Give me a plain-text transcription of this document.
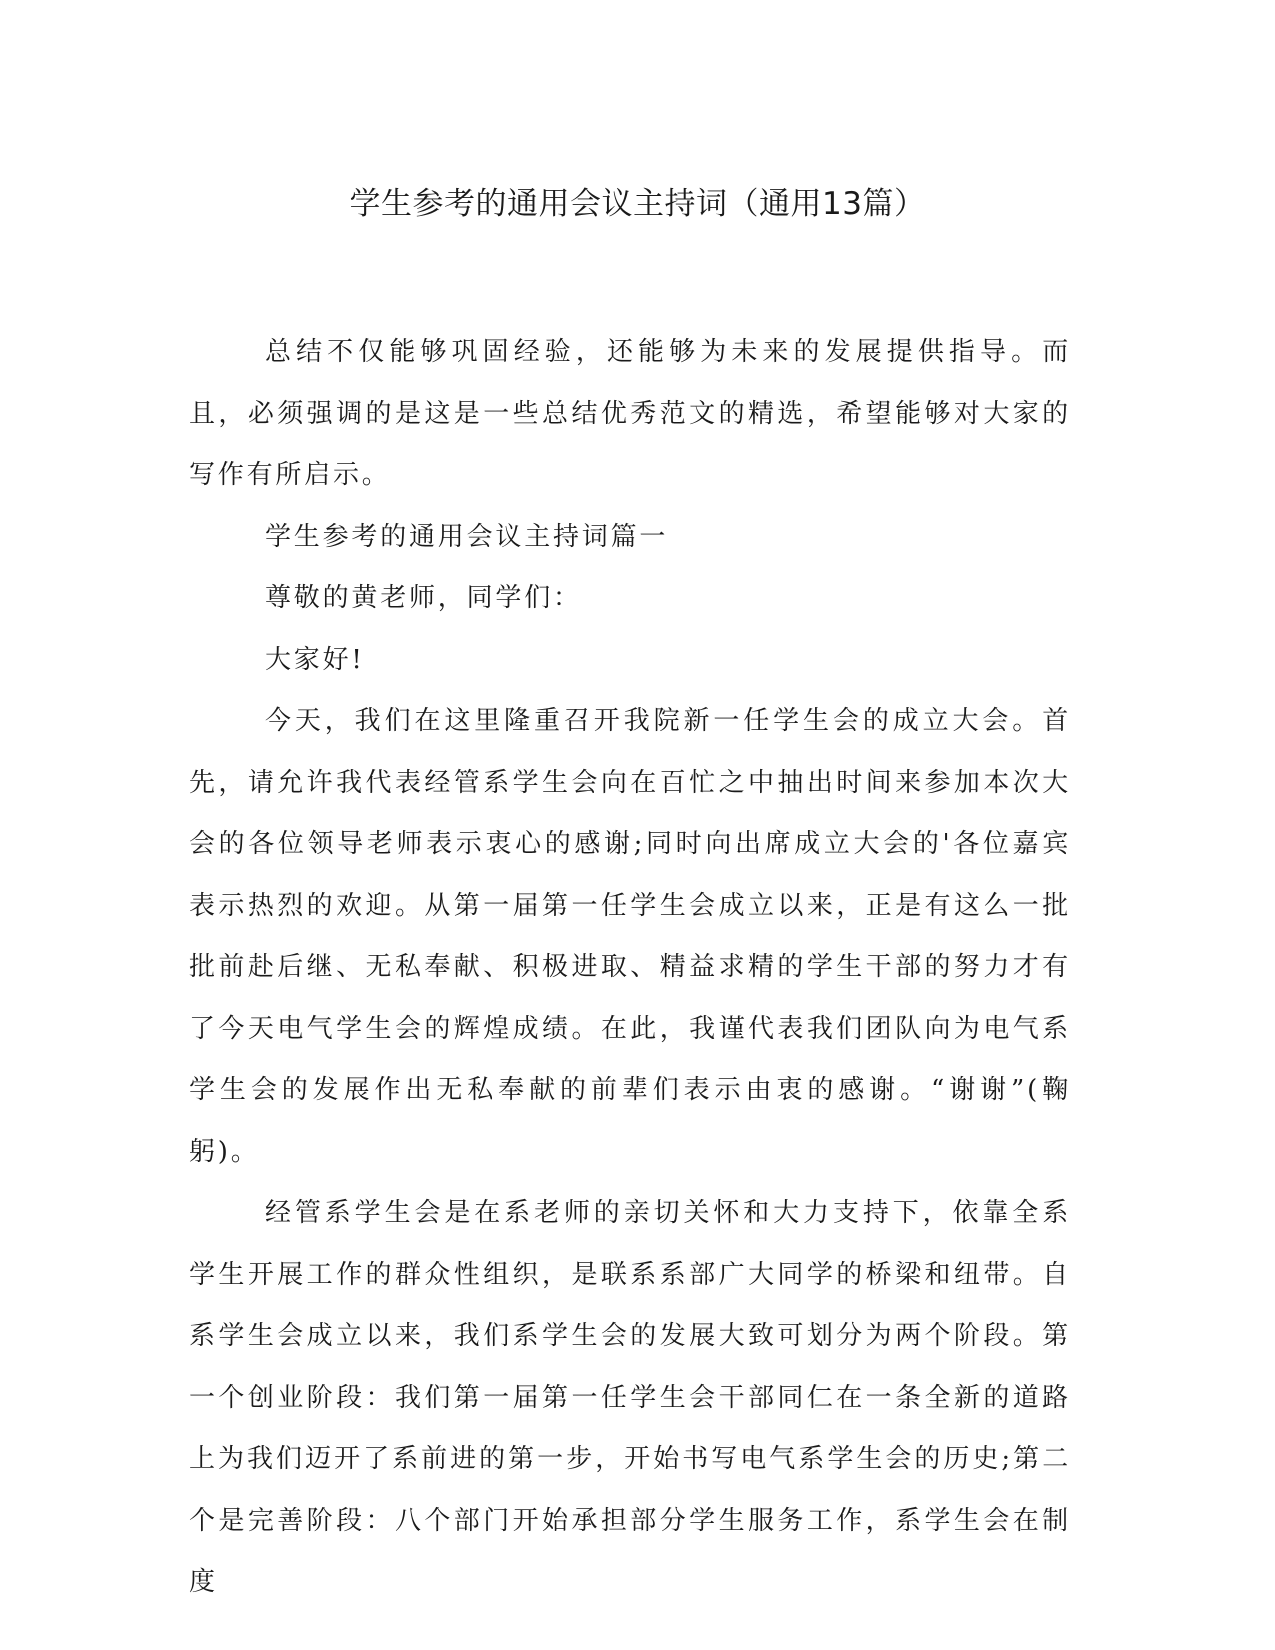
学生参考的通用会议主持词（通用13篇）

总结不仅能够巩固经验，还能够为未来的发展提供指导。而且，必须强调的是这是一些总结优秀范文的精选，希望能够对大家的写作有所启示。

学生参考的通用会议主持词篇一

尊敬的黄老师，同学们：

大家好!

今天，我们在这里隆重召开我院新一任学生会的成立大会。首先，请允许我代表经管系学生会向在百忙之中抽出时间来参加本次大会的各位领导老师表示衷心的感谢;同时向出席成立大会的'各位嘉宾表示热烈的欢迎。从第一届第一任学生会成立以来，正是有这么一批批前赴后继、无私奉献、积极进取、精益求精的学生干部的努力才有了今天电气学生会的辉煌成绩。在此，我谨代表我们团队向为电气系学生会的发展作出无私奉献的前辈们表示由衷的感谢。“谢谢”(鞠躬)。

经管系学生会是在系老师的亲切关怀和大力支持下，依靠全系学生开展工作的群众性组织，是联系系部广大同学的桥梁和纽带。自系学生会成立以来，我们系学生会的发展大致可划分为两个阶段。第一个创业阶段：我们第一届第一任学生会干部同仁在一条全新的道路上为我们迈开了系前进的第一步，开始书写电气系学生会的历史;第二个是完善阶段：八个部门开始承担部分学生服务工作，系学生会在制度
